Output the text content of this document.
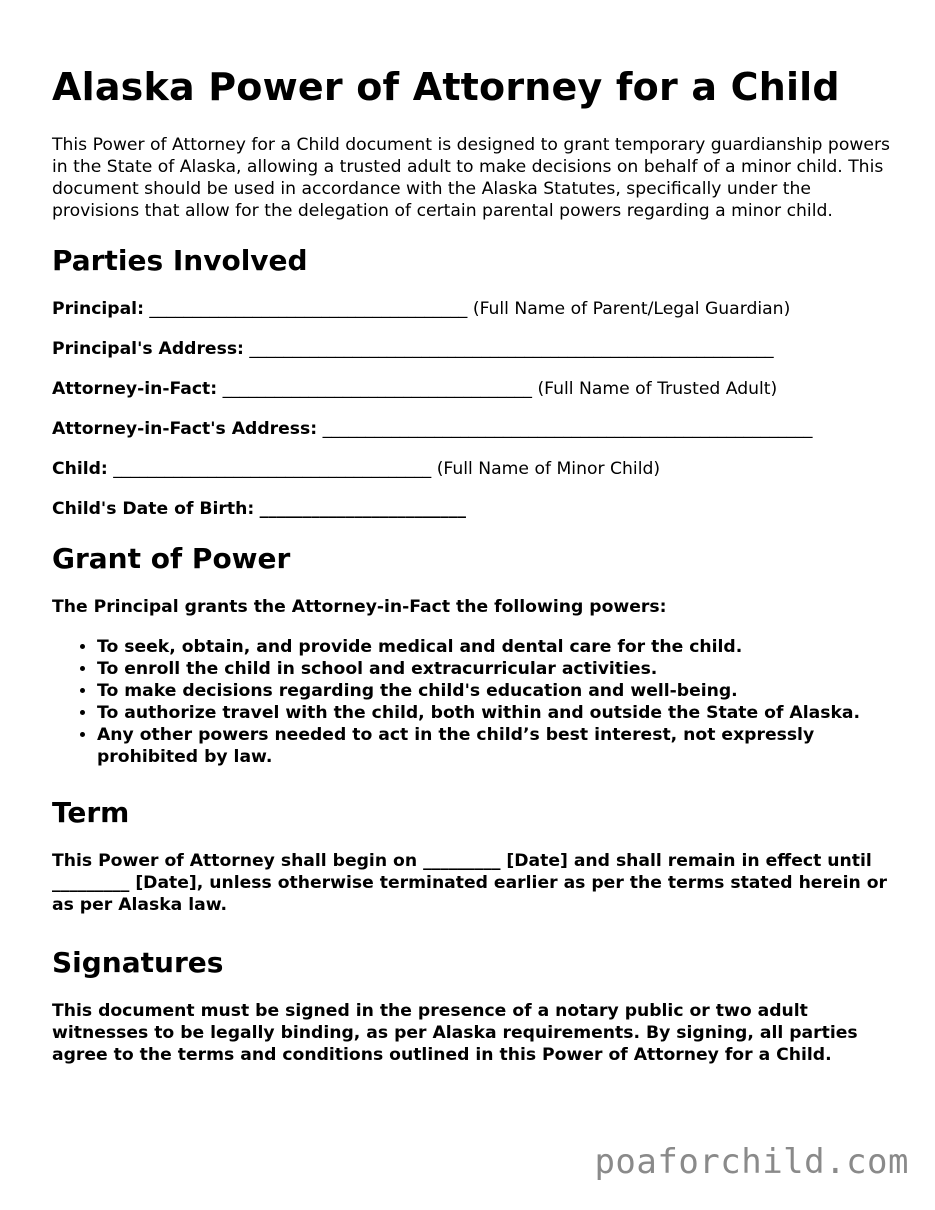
Alaska Power of Attorney for a Child

This Power of Attorney for a Child document is designed to grant temporary guardianship powers in the State of Alaska, allowing a trusted adult to make decisions on behalf of a minor child. This document should be used in accordance with the Alaska Statutes, specifically under the provisions that allow for the delegation of certain parental powers regarding a minor child.

Parties Involved
Principal: _____________________________________ (Full Name of Parent/Legal Guardian)
Principal's Address: _____________________________________________________________
Attorney-in-Fact: ____________________________________ (Full Name of Trusted Adult)
Attorney-in-Fact's Address: _________________________________________________________
Child: _____________________________________ (Full Name of Minor Child)
Child's Date of Birth: ________________________
Grant of Power
The Principal grants the Attorney-in-Fact the following powers:
• To seek, obtain, and provide medical and dental care for the child.
• To enroll the child in school and extracurricular activities.
• To make decisions regarding the child's education and well-being.
• To authorize travel with the child, both within and outside the State of Alaska.
• Any other powers needed to act in the child’s best interest, not expressly prohibited by law.
Term
This Power of Attorney shall begin on _________ [Date] and shall remain in effect until _________ [Date], unless otherwise terminated earlier as per the terms stated herein or as per Alaska law.
Signatures
This document must be signed in the presence of a notary public or two adult witnesses to be legally binding, as per Alaska requirements. By signing, all parties agree to the terms and conditions outlined in this Power of Attorney for a Child.
poaforchild.com
